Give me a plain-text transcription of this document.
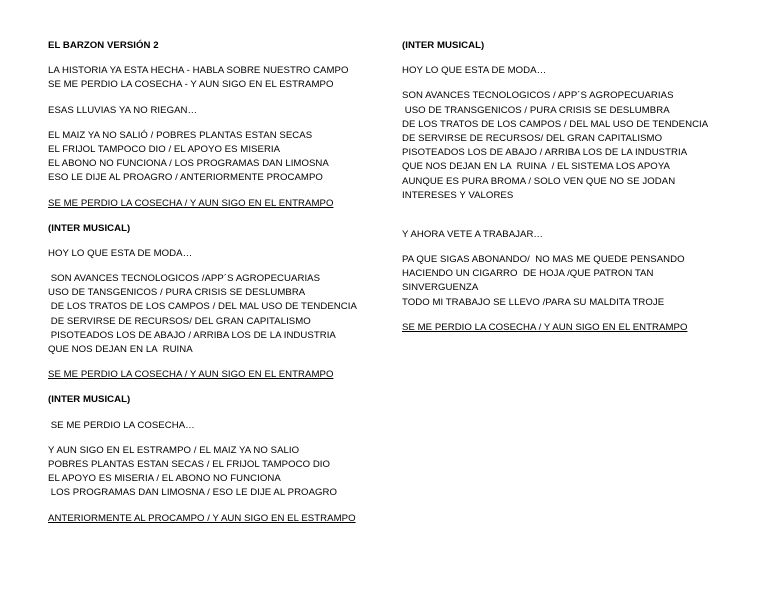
EL BARZON VERSIÓN 2
LA HISTORIA YA ESTA HECHA - HABLA SOBRE NUESTRO CAMPO
SE ME PERDIO LA COSECHA - Y AUN SIGO EN EL ESTRAMPO
ESAS LLUVIAS YA NO RIEGAN…
EL MAIZ YA NO SALIÓ / POBRES PLANTAS ESTAN SECAS
EL FRIJOL TAMPOCO DIO / EL APOYO ES MISERIA
EL ABONO NO FUNCIONA / LOS PROGRAMAS DAN LIMOSNA
ESO LE DIJE AL PROAGRO / ANTERIORMENTE PROCAMPO
SE ME PERDIO LA COSECHA / Y AUN SIGO EN EL ENTRAMPO
(INTER MUSICAL)
HOY LO QUE ESTA DE MODA…
SON AVANCES TECNOLOGICOS /APP´S AGROPECUARIAS
USO DE TANSGENICOS / PURA CRISIS SE DESLUMBRA
DE LOS TRATOS DE LOS CAMPOS / DEL MAL USO DE TENDENCIA
DE SERVIRSE DE RECURSOS/ DEL GRAN CAPITALISMO
PISOTEADOS LOS DE ABAJO / ARRIBA LOS DE LA INDUSTRIA
QUE NOS DEJAN EN LA  RUINA
SE ME PERDIO LA COSECHA / Y AUN SIGO EN EL ENTRAMPO
(INTER MUSICAL)
SE ME PERDIO LA COSECHA…
Y AUN SIGO EN EL ESTRAMPO / EL MAIZ YA NO SALIO
POBRES PLANTAS ESTAN SECAS / EL FRIJOL TAMPOCO DIO
EL APOYO ES MISERIA / EL ABONO NO FUNCIONA
LOS PROGRAMAS DAN LIMOSNA / ESO LE DIJE AL PROAGRO
ANTERIORMENTE AL PROCAMPO / Y AUN SIGO EN EL ESTRAMPO
(INTER MUSICAL)
HOY LO QUE ESTA DE MODA…
SON AVANCES TECNOLOGICOS / APP´S AGROPECUARIAS
USO DE TRANSGENICOS / PURA CRISIS SE DESLUMBRA
DE LOS TRATOS DE LOS CAMPOS / DEL MAL USO DE TENDENCIA
DE SERVIRSE DE RECURSOS/ DEL GRAN CAPITALISMO
PISOTEADOS LOS DE ABAJO / ARRIBA LOS DE LA INDUSTRIA
QUE NOS DEJAN EN LA  RUINA  / EL SISTEMA LOS APOYA
AUNQUE ES PURA BROMA / SOLO VEN QUE NO SE JODAN
INTERESES Y VALORES
Y AHORA VETE A TRABAJAR…
PA QUE SIGAS ABONANDO/  NO MAS ME QUEDE PENSANDO
HACIENDO UN CIGARRO  DE HOJA /QUE PATRON TAN
SINVERGUENZA
TODO MI TRABAJO SE LLEVO /PARA SU MALDITA TROJE
SE ME PERDIO LA COSECHA / Y AUN SIGO EN EL ENTRAMPO
